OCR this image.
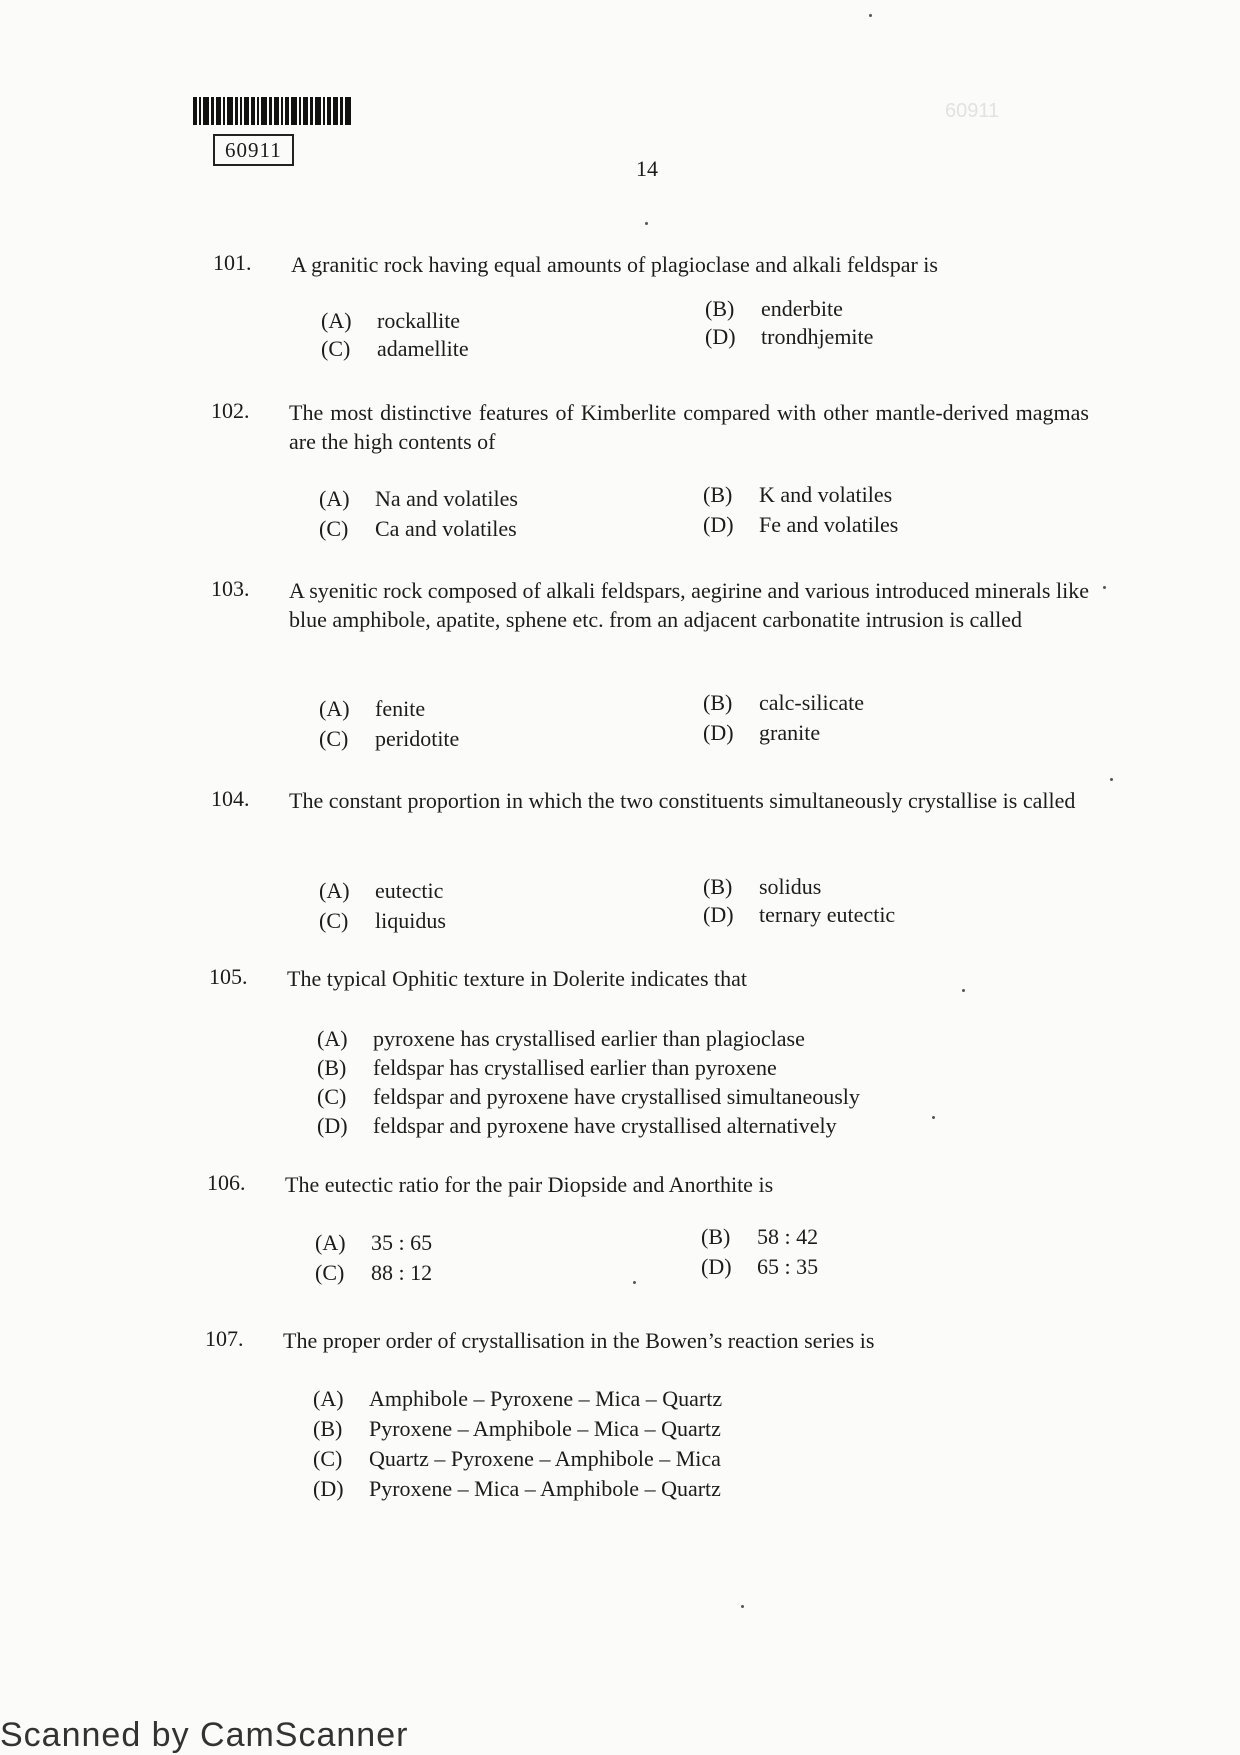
60911
14
60911
101. A granitic rock having equal amounts of plagioclase and alkali feldspar is
(A) rockallite	(B) enderbite
(C) adamellite	(D) trondhjemite
102. The most distinctive features of Kimberlite compared with other mantle-derived magmas are the high contents of
(A) Na and volatiles	(B) K and volatiles
(C) Ca and volatiles	(D) Fe and volatiles
103. A syenitic rock composed of alkali feldspars, aegirine and various introduced minerals like blue amphibole, apatite, sphene etc. from an adjacent carbonatite intrusion is called
(A) fenite	(B) calc-silicate
(C) peridotite	(D) granite
104. The constant proportion in which the two constituents simultaneously crystallise is called
(A) eutectic	(B) solidus
(C) liquidus	(D) ternary eutectic
105. The typical Ophitic texture in Dolerite indicates that
(A) pyroxene has crystallised earlier than plagioclase
(B) feldspar has crystallised earlier than pyroxene
(C) feldspar and pyroxene have crystallised simultaneously
(D) feldspar and pyroxene have crystallised alternatively
106. The eutectic ratio for the pair Diopside and Anorthite is
(A) 35 : 65	(B) 58 : 42
(C) 88 : 12	(D) 65 : 35
107. The proper order of crystallisation in the Bowen’s reaction series is
(A) Amphibole – Pyroxene – Mica – Quartz
(B) Pyroxene – Amphibole – Mica – Quartz
(C) Quartz – Pyroxene – Amphibole – Mica
(D) Pyroxene – Mica – Amphibole – Quartz
Scanned by CamScanner
